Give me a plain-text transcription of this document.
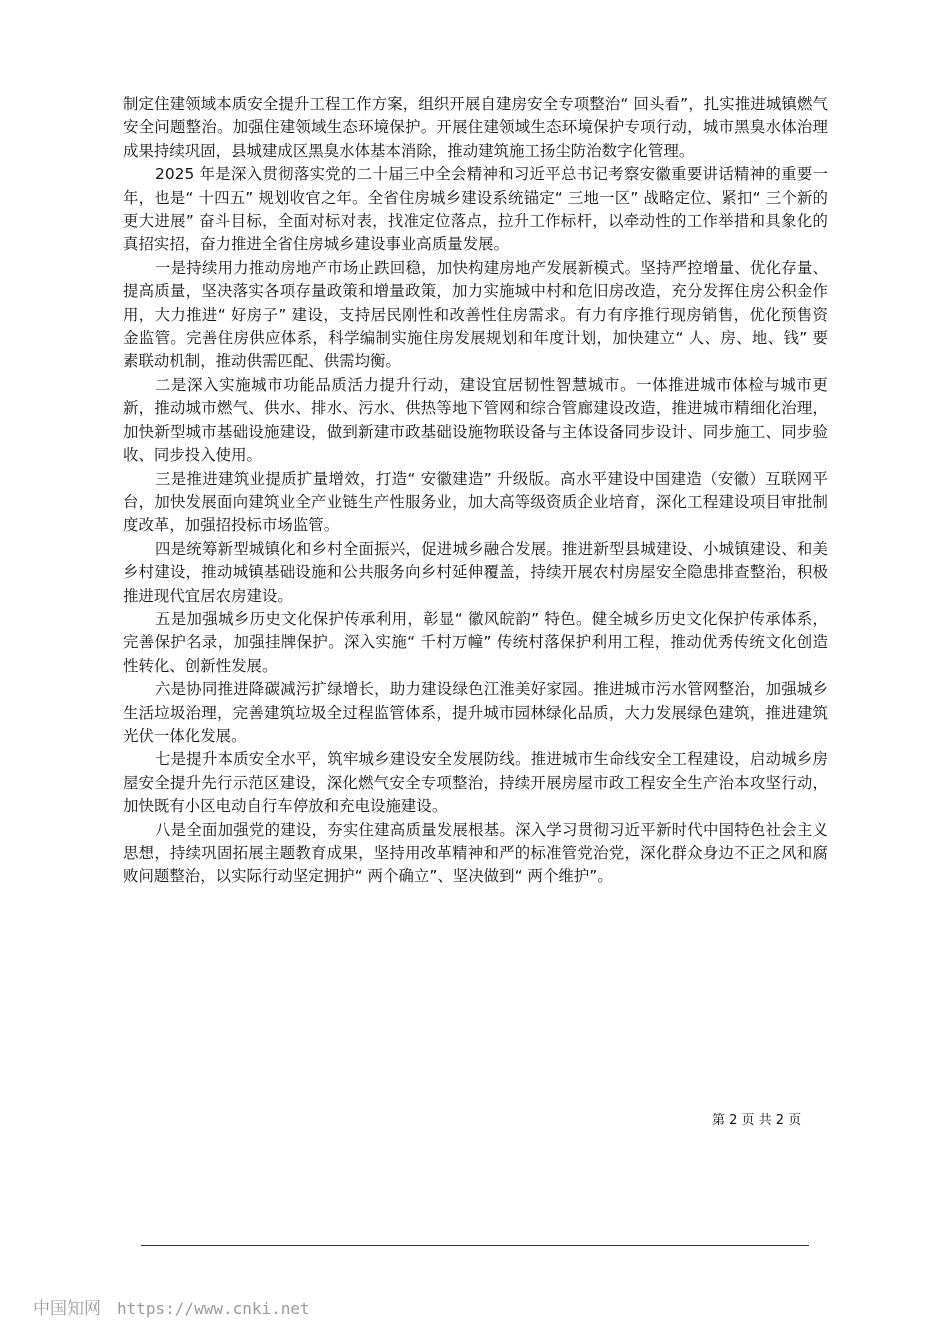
制定住建领域本质安全提升工程工作方案，组织开展自建房安全专项整治“ 回头看”，扎实推进城镇燃气安全问题整治。加强住建领域生态环境保护。开展住建领域生态环境保护专项行动，城市黑臭水体治理成果持续巩固，县城建成区黑臭水体基本消除，推动建筑施工扬尘防治数字化管理。

2025 年是深入贯彻落实党的二十届三中全会精神和习近平总书记考察安徽重要讲话精神的重要一年，也是“ 十四五” 规划收官之年。全省住房城乡建设系统锚定“ 三地一区” 战略定位、紧扣“ 三个新的更大进展” 奋斗目标，全面对标对表，找准定位落点，拉升工作标杆，以牵动性的工作举措和具象化的真招实招，奋力推进全省住房城乡建设事业高质量发展。

一是持续用力推动房地产市场止跌回稳，加快构建房地产发展新模式。坚持严控增量、优化存量、提高质量，坚决落实各项存量政策和增量政策，加力实施城中村和危旧房改造，充分发挥住房公积金作用，大力推进“ 好房子” 建设，支持居民刚性和改善性住房需求。有力有序推行现房销售，优化预售资金监管。完善住房供应体系，科学编制实施住房发展规划和年度计划，加快建立“ 人、房、地、钱” 要素联动机制，推动供需匹配、供需均衡。

二是深入实施城市功能品质活力提升行动，建设宜居韧性智慧城市。一体推进城市体检与城市更新，推动城市燃气、供水、排水、污水、供热等地下管网和综合管廊建设改造，推进城市精细化治理，加快新型城市基础设施建设，做到新建市政基础设施物联设备与主体设备同步设计、同步施工、同步验收、同步投入使用。

三是推进建筑业提质扩量增效，打造“ 安徽建造” 升级版。高水平建设中国建造（安徽）互联网平台，加快发展面向建筑业全产业链生产性服务业，加大高等级资质企业培育，深化工程建设项目审批制度改革，加强招投标市场监管。

四是统筹新型城镇化和乡村全面振兴，促进城乡融合发展。推进新型县城建设、小城镇建设、和美乡村建设，推动城镇基础设施和公共服务向乡村延伸覆盖，持续开展农村房屋安全隐患排查整治，积极推进现代宜居农房建设。

五是加强城乡历史文化保护传承利用，彰显“ 徽风皖韵” 特色。健全城乡历史文化保护传承体系，完善保护名录，加强挂牌保护。深入实施“ 千村万幢” 传统村落保护利用工程，推动优秀传统文化创造性转化、创新性发展。

六是协同推进降碳减污扩绿增长，助力建设绿色江淮美好家园。推进城市污水管网整治，加强城乡生活垃圾治理，完善建筑垃圾全过程监管体系，提升城市园林绿化品质，大力发展绿色建筑，推进建筑光伏一体化发展。

七是提升本质安全水平，筑牢城乡建设安全发展防线。推进城市生命线安全工程建设，启动城乡房屋安全提升先行示范区建设，深化燃气安全专项整治，持续开展房屋市政工程安全生产治本攻坚行动，加快既有小区电动自行车停放和充电设施建设。

八是全面加强党的建设，夯实住建高质量发展根基。深入学习贯彻习近平新时代中国特色社会主义思想，持续巩固拓展主题教育成果，坚持用改革精神和严的标准管党治党，深化群众身边不正之风和腐败问题整治，以实际行动坚定拥护“ 两个确立”、坚决做到“ 两个维护”。

第 2 页 共 2 页
中国知网 https://www.cnki.net
